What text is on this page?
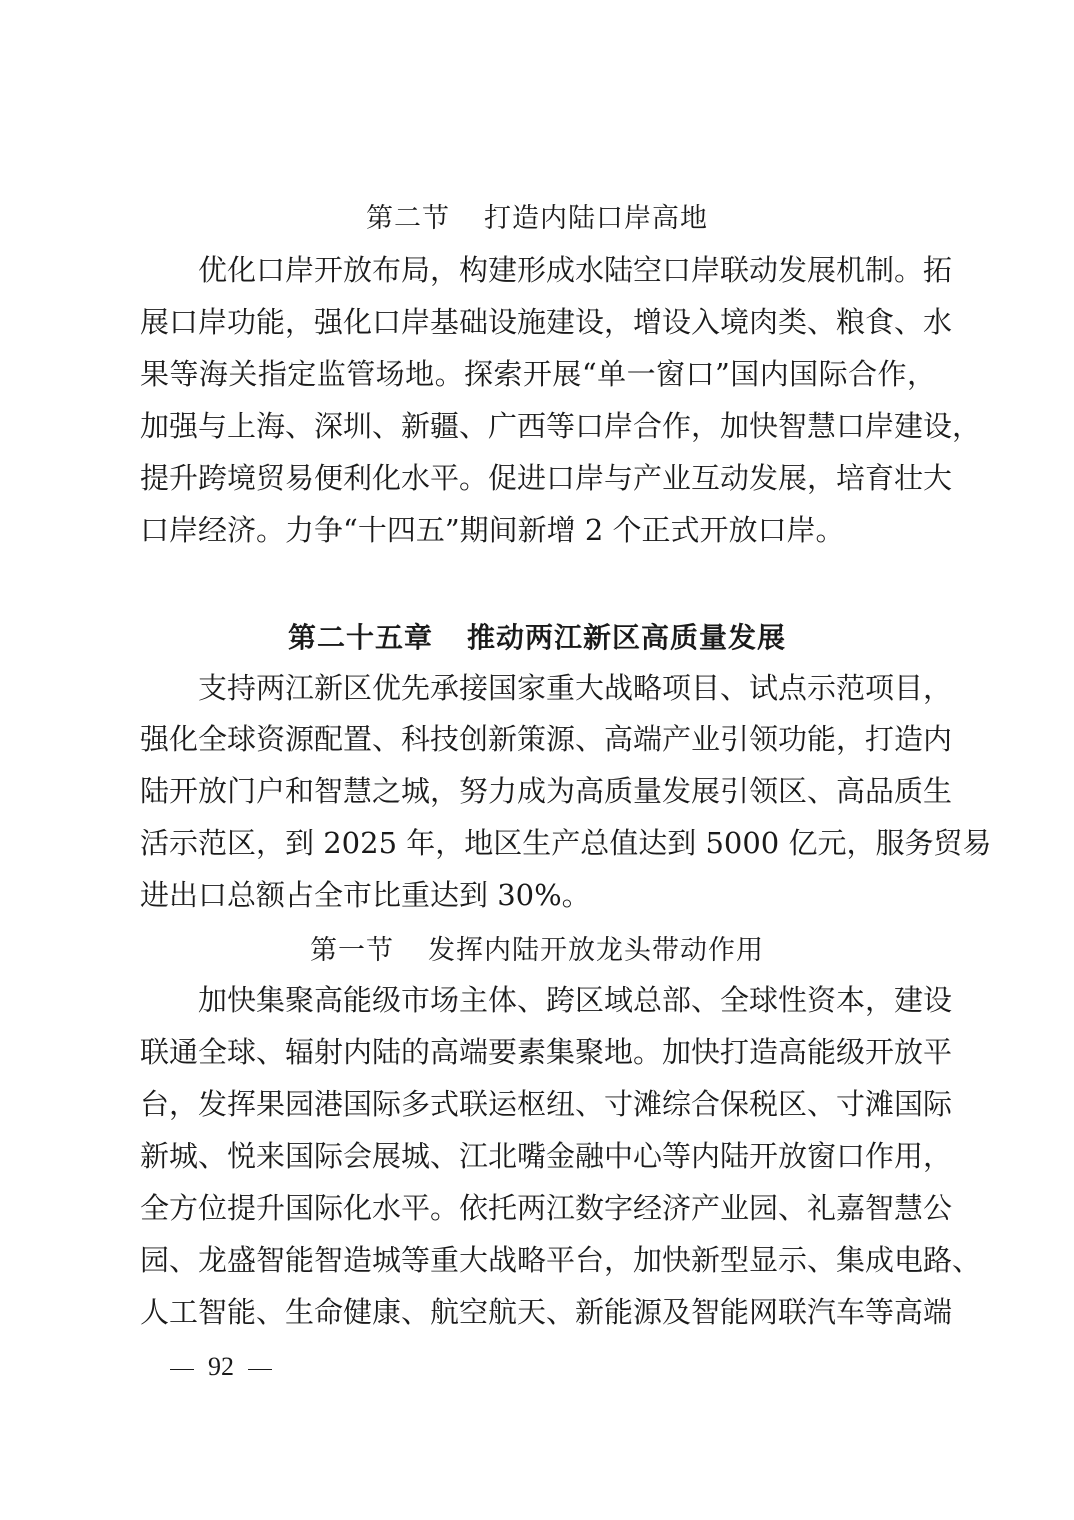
第二节 打造内陆口岸高地
优化口岸开放布局，构建形成水陆空口岸联动发展机制。拓
展口岸功能，强化口岸基础设施建设，增设入境肉类、粮食、水
果等海关指定监管场地。探索开展“单一窗口”国内国际合作，
加强与上海、深圳、新疆、广西等口岸合作，加快智慧口岸建设，
提升跨境贸易便利化水平。促进口岸与产业互动发展，培育壮大
口岸经济。力争“十四五”期间新增 2 个正式开放口岸。
第二十五章 推动两江新区高质量发展
支持两江新区优先承接国家重大战略项目、试点示范项目，
强化全球资源配置、科技创新策源、高端产业引领功能，打造内
陆开放门户和智慧之城，努力成为高质量发展引领区、高品质生
活示范区，到 2025 年，地区生产总值达到 5000 亿元，服务贸易
进出口总额占全市比重达到 30%。
第一节 发挥内陆开放龙头带动作用
加快集聚高能级市场主体、跨区域总部、全球性资本，建设
联通全球、辐射内陆的高端要素集聚地。加快打造高能级开放平
台，发挥果园港国际多式联运枢纽、寸滩综合保税区、寸滩国际
新城、悦来国际会展城、江北嘴金融中心等内陆开放窗口作用，
全方位提升国际化水平。依托两江数字经济产业园、礼嘉智慧公
园、龙盛智能智造城等重大战略平台，加快新型显示、集成电路、
人工智能、生命健康、航空航天、新能源及智能网联汽车等高端
92
